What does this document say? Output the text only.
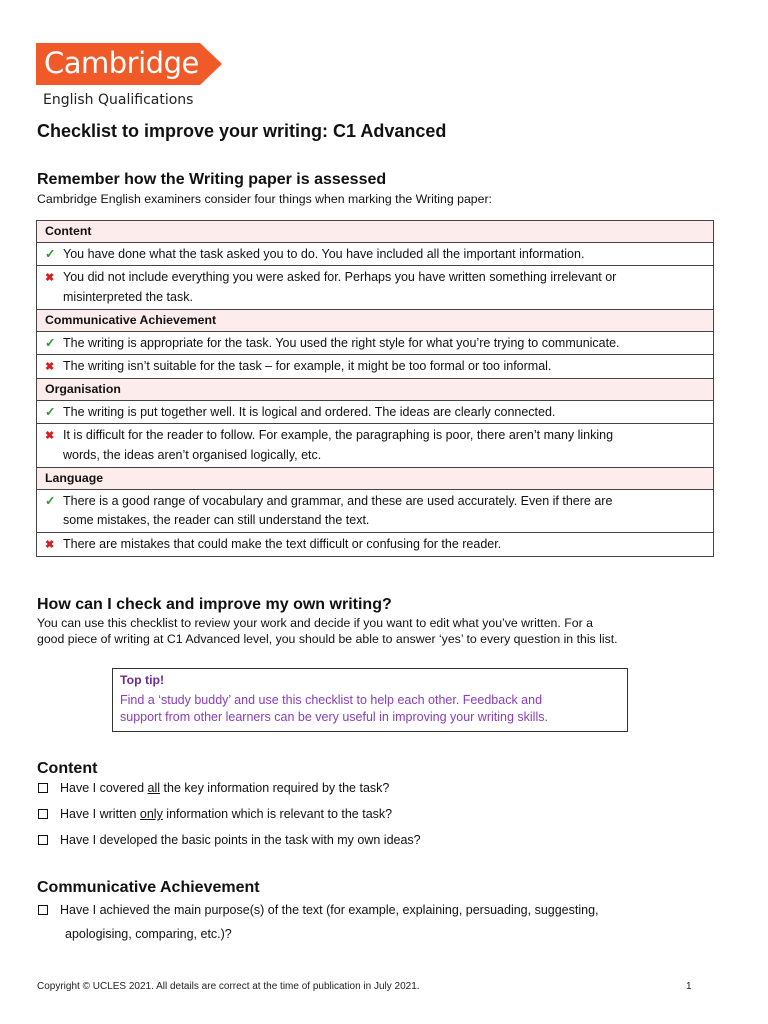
Cambridge
English Qualifications
Checklist to improve your writing: C1 Advanced
Remember how the Writing paper is assessed

Cambridge English examiners consider four things when marking the Writing paper:

Content
✓ You have done what the task asked you to do. You have included all the important information.
✖ You did not include everything you were asked for. Perhaps you have written something irrelevant or
misinterpreted the task.
Communicative Achievement
✓ The writing is appropriate for the task. You used the right style for what you’re trying to communicate.
✖ The writing isn’t suitable for the task – for example, it might be too formal or too informal.
Organisation
✓ The writing is put together well. It is logical and ordered. The ideas are clearly connected.
✖ It is difficult for the reader to follow. For example, the paragraphing is poor, there aren’t many linking
words, the ideas aren’t organised logically, etc.
Language
✓ There is a good range of vocabulary and grammar, and these are used accurately. Even if there are
some mistakes, the reader can still understand the text.
✖ There are mistakes that could make the text difficult or confusing for the reader.
How can I check and improve my own writing?

You can use this checklist to review your work and decide if you want to edit what you’ve written. For a
good piece of writing at C1 Advanced level, you should be able to answer ‘yes’ to every question in this list.

Top tip!

Find a ‘study buddy’ and use this checklist to help each other. Feedback and
support from other learners can be very useful in improving your writing skills.

Content

Have I covered all the key information required by the task?

Have I written only information which is relevant to the task?

Have I developed the basic points in the task with my own ideas?

Communicative Achievement

Have I achieved the main purpose(s) of the text (for example, explaining, persuading, suggesting,
apologising, comparing, etc.)?

Copyright © UCLES 2021. All details are correct at the time of publication in July 2021.	1
